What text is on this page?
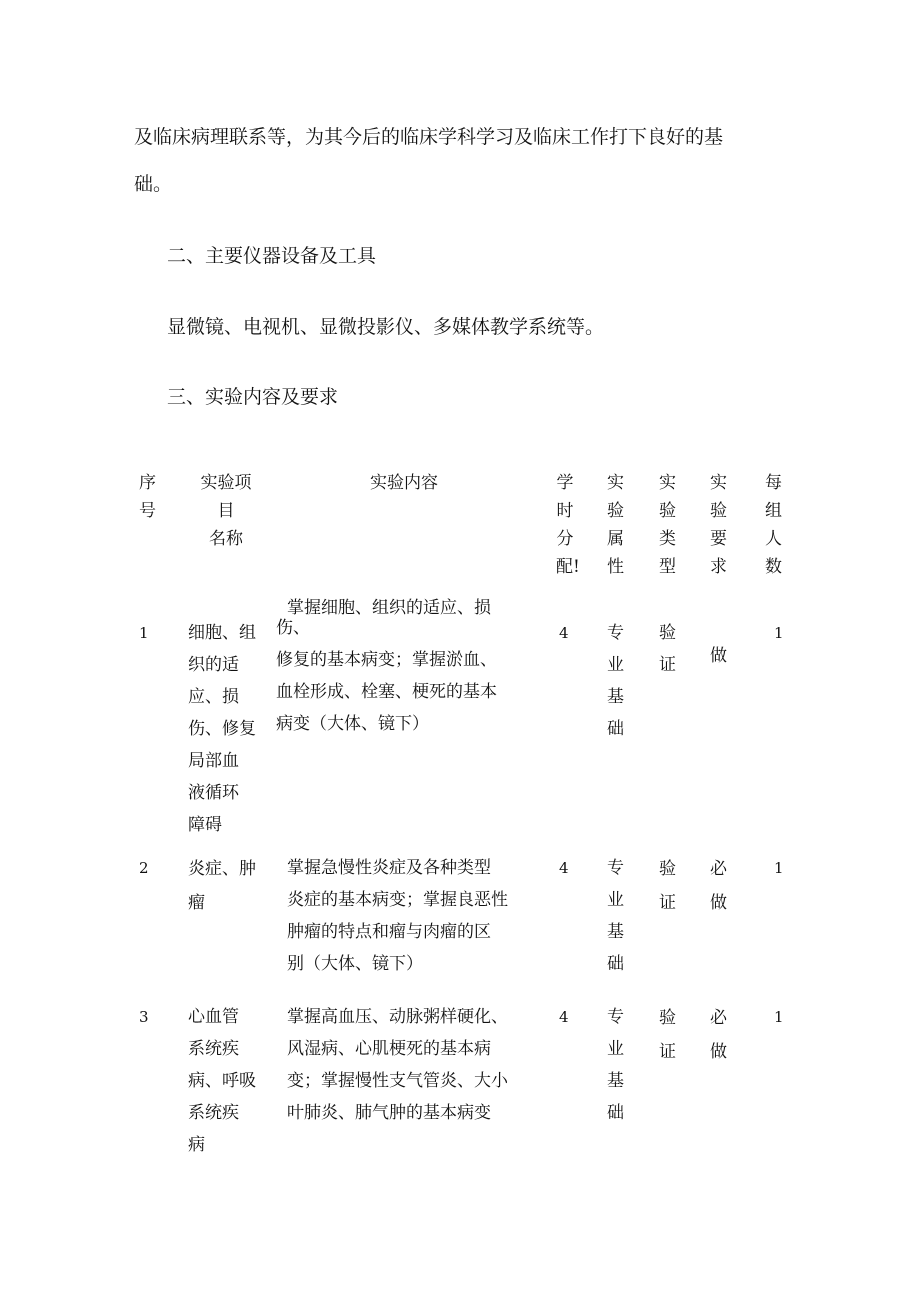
及临床病理联系等，为其今后的临床学科学习及临床工作打下良好的基
础。
二、主要仪器设备及工具
显微镜、电视机、显微投影仪、多媒体教学系统等。
三、实验内容及要求
序
号
实验项
目
名称
实验内容	学
时
分
配!
实
验
属
性
实
验
类
型
实
验
要
求
每
组
人
数
1 细胞、组
织的适
应、损
伤、修复
局部血
液循环
障碍
掌握细胞、组织的适应、损
伤、
修复的基本病变；掌握淤血、
血栓形成、栓塞、梗死的基本
病变（大体、镜下）
4 专
业
基
础
验
证 做
1
2 炎症、肿
瘤
掌握急慢性炎症及各种类型
炎症的基本病变；掌握良恶性
肿瘤的特点和瘤与肉瘤的区
别（大体、镜下）
4 专
业
基
础
验
证
必
做
1
3 心血管
系统疾
病、呼吸
系统疾
病
掌握高血压、动脉粥样硬化、
风湿病、心肌梗死的基本病
变；掌握慢性支气管炎、大小
叶肺炎、肺气肿的基本病变
4 专
业
基
础
验
证
必
做
1
